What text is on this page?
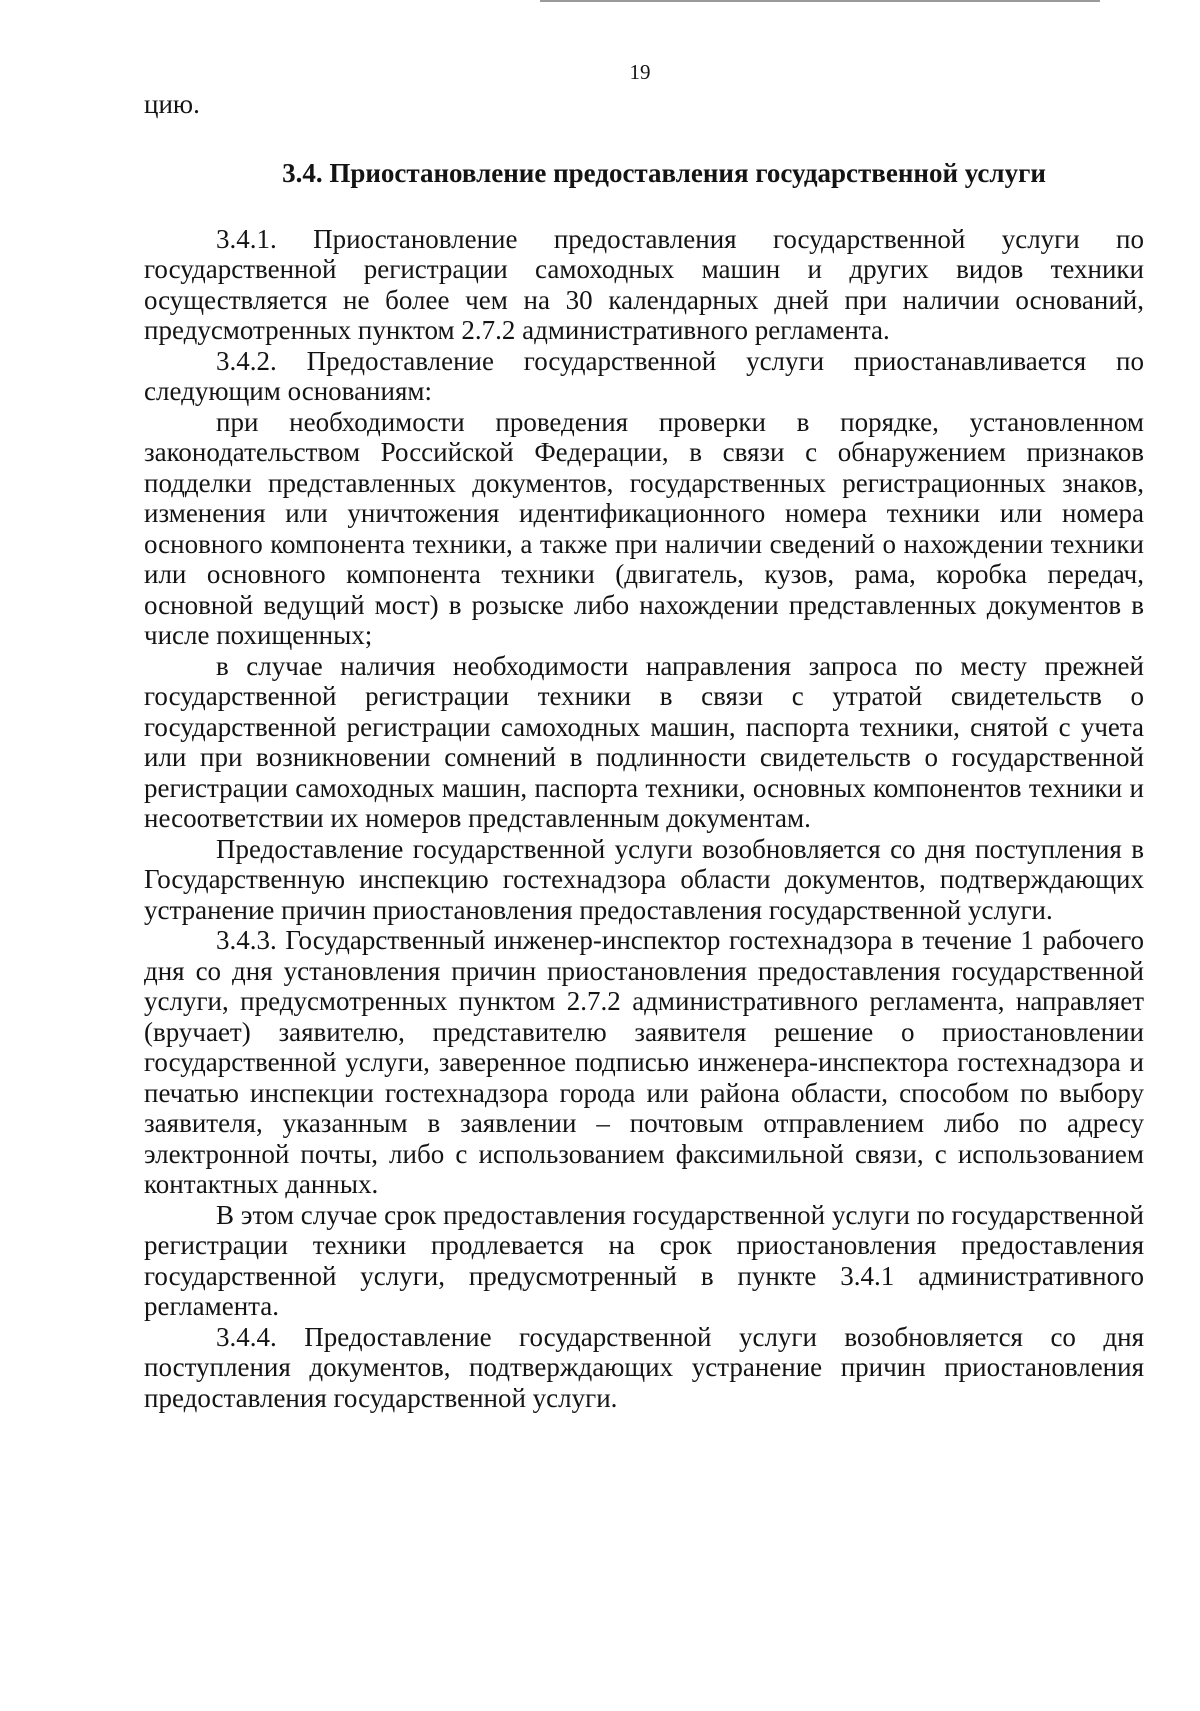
19

цию.

3.4. Приостановление предоставления государственной услуги

3.4.1. Приостановление предоставления государственной услуги по государственной регистрации самоходных машин и других видов техники осуществляется не более чем на 30 календарных дней при наличии оснований, предусмотренных пунктом 2.7.2 административного регламента.

3.4.2. Предоставление государственной услуги приостанавливается по следующим основаниям:

при необходимости проведения проверки в порядке, установленном законодательством Российской Федерации, в связи с обнаружением признаков подделки представленных документов, государственных регистрационных знаков, изменения или уничтожения идентификационного номера техники или номера основного компонента техники, а также при наличии сведений о нахождении техники или основного компонента техники (двигатель, кузов, рама, коробка передач, основной ведущий мост) в розыске либо нахождении представленных документов в числе похищенных;

в случае наличия необходимости направления запроса по месту прежней государственной регистрации техники в связи с утратой свидетельств о государственной регистрации самоходных машин, паспорта техники, снятой с учета или при возникновении сомнений в подлинности свидетельств о государственной регистрации самоходных машин, паспорта техники, основных компонентов техники и несоответствии их номеров представленным документам.

Предоставление государственной услуги возобновляется со дня поступления в Государственную инспекцию гостехнадзора области документов, подтверждающих устранение причин приостановления предоставления государственной услуги.

3.4.3. Государственный инженер-инспектор гостехнадзора в течение 1 рабочего дня со дня установления причин приостановления предоставления государственной услуги, предусмотренных пунктом 2.7.2 административного регламента, направляет (вручает) заявителю, представителю заявителя решение о приостановлении государственной услуги, заверенное подписью инженера-инспектора гостехнадзора и печатью инспекции гостехнадзора города или района области, способом по выбору заявителя, указанным в заявлении – почтовым отправлением либо по адресу электронной почты, либо с использованием факсимильной связи, с использованием контактных данных.

В этом случае срок предоставления государственной услуги по государственной регистрации техники продлевается на срок приостановления предоставления государственной услуги, предусмотренный в пункте 3.4.1 административного регламента.

3.4.4. Предоставление государственной услуги возобновляется со дня поступления документов, подтверждающих устранение причин приостановления предоставления государственной услуги.
